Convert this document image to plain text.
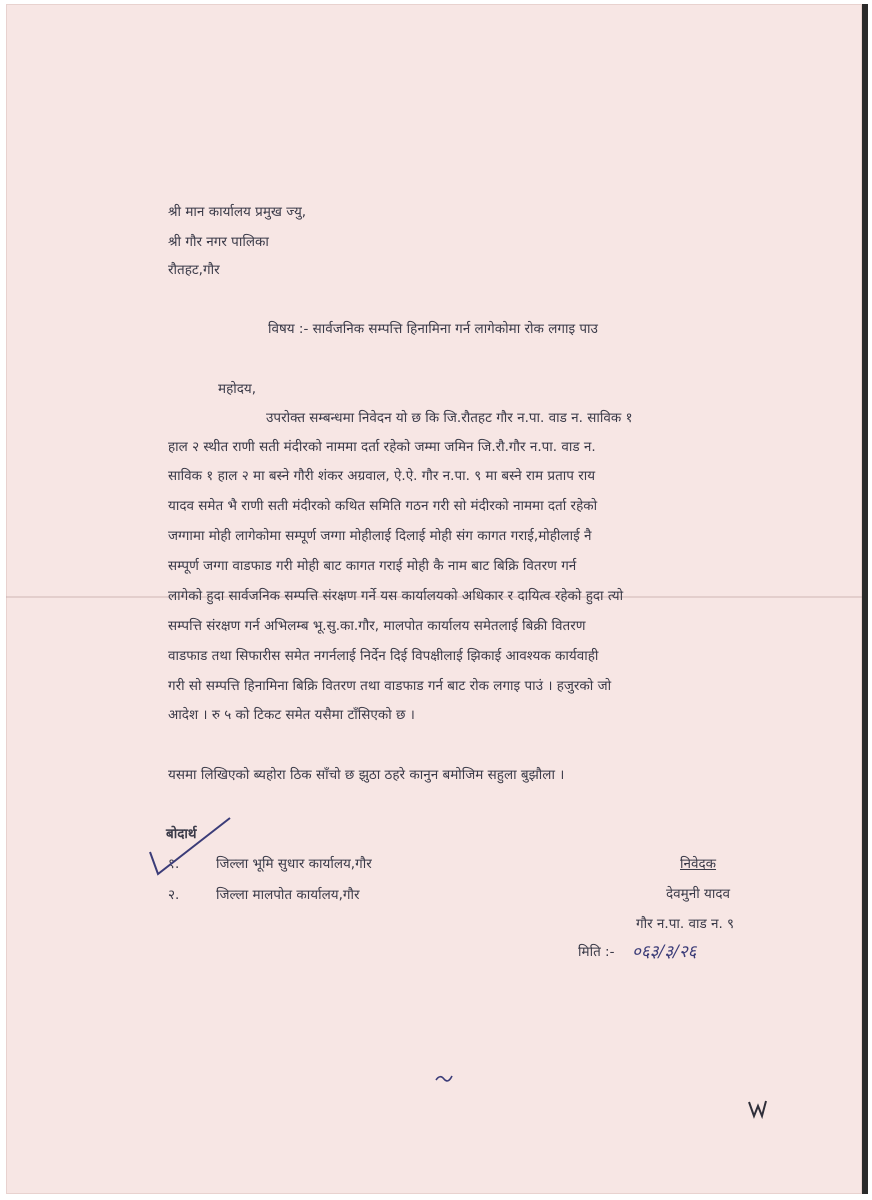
श्री मान कार्यालय प्रमुख ज्यु,
श्री गौर नगर पालिका
रौतहट,गौर
विषय :- सार्वजनिक सम्पत्ति हिनामिना गर्न लागेकोमा रोक लगाइ पाउ
महोदय,
उपरोक्त सम्बन्धमा निवेदन यो छ कि जि.रौतहट गौर न.पा. वाड न. साविक १
हाल २ स्थीत राणी सती मंदीरको नाममा दर्ता रहेको जम्मा जमिन जि.रौ.गौर न.पा. वाड न.
साविक १ हाल २ मा बस्ने गौरी शंकर अग्रवाल, ऐ.ऐ. गौर न.पा. ९ मा बस्ने राम प्रताप राय
यादव समेत भै राणी सती मंदीरको कथित समिति गठन गरी सो मंदीरको नाममा दर्ता रहेको
जग्गामा मोही लागेकोमा सम्पूर्ण जग्गा मोहीलाई दिलाई मोही संग कागत गराई,मोहीलाई नै
सम्पूर्ण जग्गा वाडफाड गरी मोही बाट कागत गराई मोही कै नाम बाट बिक्रि वितरण गर्न
लागेको हुदा सार्वजनिक सम्पत्ति संरक्षण गर्ने यस कार्यालयको अधिकार र दायित्व रहेको हुदा त्यो
सम्पत्ति संरक्षण गर्न अभिलम्ब भू.सु.का.गौर, मालपोत कार्यालय समेतलाई बिक्री वितरण
वाडफाड तथा सिफारीस समेत नगर्नलाई निर्देन दिई विपक्षीलाई झिकाई आवश्यक कार्यवाही
गरी सो सम्पत्ति हिनामिना बिक्रि वितरण तथा वाडफाड गर्न बाट रोक लगाइ पाउं । हजुरको जो
आदेश । रु ५ को टिकट समेत यसैमा टाँसिएको छ ।
यसमा लिखिएको ब्यहोरा ठिक साँचो छ झुठा ठहरे कानुन बमोजिम सहुला बुझौला ।
बोदार्थ
१.	जिल्ला भूमि सुधार कार्यालय,गौर
२.	जिल्ला मालपोत कार्यालय,गौर
निवेदक
देवमुनी यादव
गौर न.पा. वाड न. ९
मिति :- ०६३/३/२६
